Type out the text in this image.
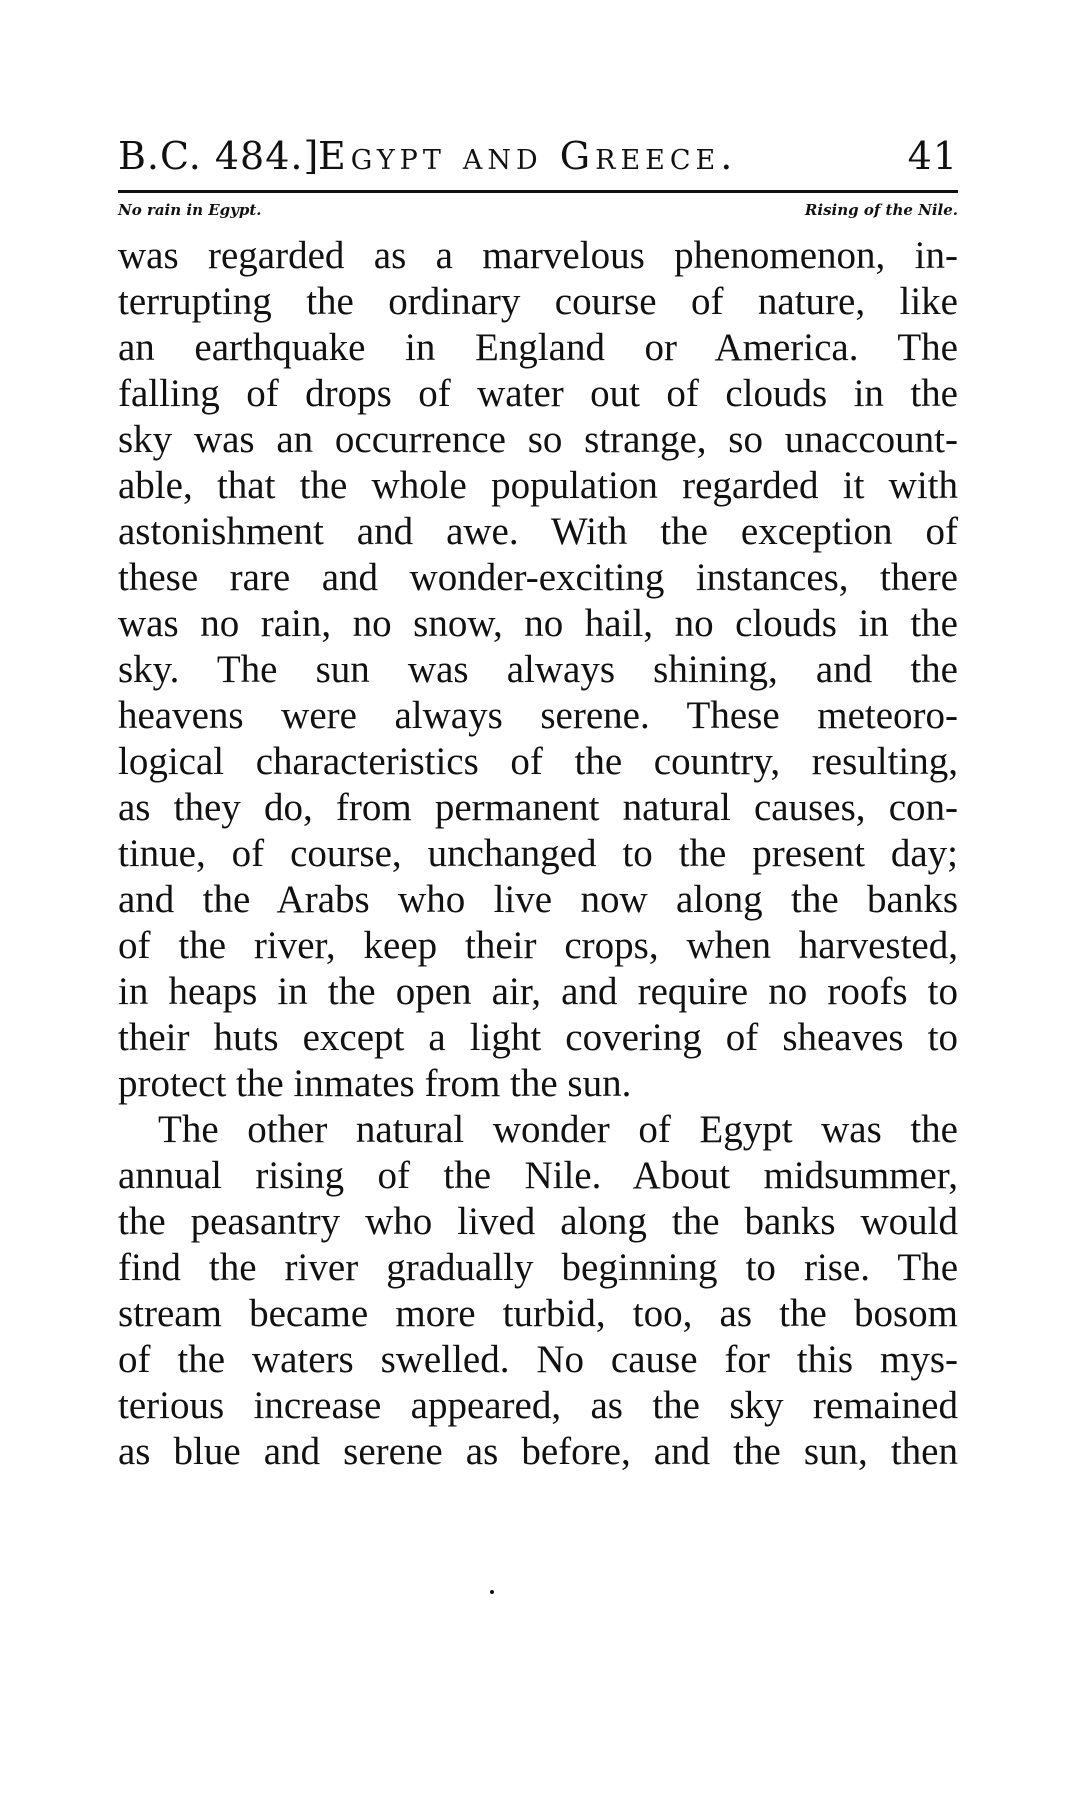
B.C. 484.]
Egypt and Greece.	41
No rain in Egypt.	Rising of the Nile.
was regarded as a marvelous phenomenon, in-
terrupting the ordinary course of nature, like
an earthquake in England or America. The
falling of drops of water out of clouds in the
sky was an occurrence so strange, so unaccount-
able, that the whole population regarded it with
astonishment and awe. With the exception of
these rare and wonder-exciting instances, there
was no rain, no snow, no hail, no clouds in the
sky. The sun was always shining, and the
heavens were always serene. These meteoro-
logical characteristics of the country, resulting,
as they do, from permanent natural causes, con-
tinue, of course, unchanged to the present day;
and the Arabs who live now along the banks
of the river, keep their crops, when harvested,
in heaps in the open air, and require no roofs to
their huts except a light covering of sheaves to
protect the inmates from the sun.
The other natural wonder of Egypt was the
annual rising of the Nile. About midsummer,
the peasantry who lived along the banks would
find the river gradually beginning to rise. The
stream became more turbid, too, as the bosom
of the waters swelled. No cause for this mys-
terious increase appeared, as the sky remained
as blue and serene as before, and the sun, then
